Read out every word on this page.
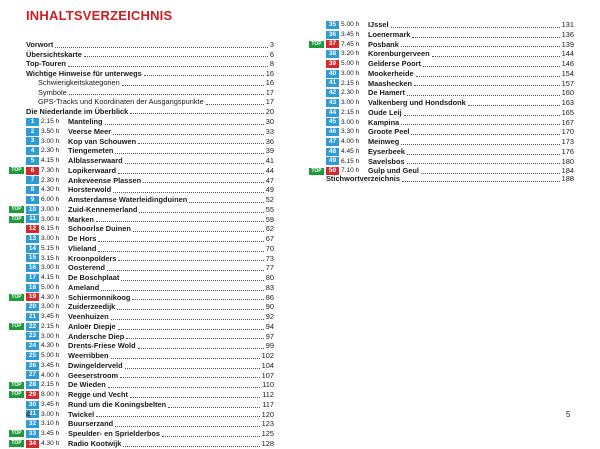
INHALTSVERZEICHNIS
Vorwort	3
Übersichtskarte	6
Top-Touren	8
Wichtige Hinweise für unterwegs	16
Schwierigkeitskategorien	16
Symbole	17
GPS-Tracks und Koordinaten der Ausgangspunkte	17
Die Niederlande im Überblick	20
1	2.15 h	Manteling	30
2	3.50 h	Veerse Meer	33
3	3.00 h	Kop van Schouwen	36
4	2.30 h	Tiengemeten	39
5	4.15 h	Alblasserwaard	41
TOP	6	7.30 h	Lopikerwaard	44
7	2.30 h	Ankeveense Plassen	47
8	4.30 h	Horsterwold	49
9	6.00 h	Amsterdamse Waterleidingduinen	52
TOP	10 3.00 h	Zuid-Kennemerland	55
TOP	11 3.00 h	Marken	59
12 6.15 h	Schoorlse Duinen	62
13 3.00 h	De Hors	67
14 5.15 h	Vlieland	70
15 3.15 h	Kroonpolders	73
16 3.00 h	Oosterend	77
17 4.15 h	De Boschplaat	80
18 5.00 h	Ameland	83
TOP	19 4.30 h	Schiermonnikoog	86
20 3.00 h	Zuiderzeedijk	90
21 3.45 h	Veenhuizen	92
TOP	22 2.15 h	Anloër Diepje	94
23 3.00 h	Andersche Diep	97
24 4.30 h	Drents-Friese Wold	99
25 5.00 h	Weerribben	102
26 3.45 h	Dwingelderveld	104
27 4.00 h	Geeserstroom	107
TOP	28 2.15 h	De Wieden	110
TOP	29 8.00 h	Regge und Vecht	112
30 3.45 h	Rund um die Koningsbelten	117
31 3.00 h	Twickel	120
32 3.10 h	Buurserzand	123
TOP	33 3.45 h	Speulder- en Sprielderbos	125
TOP	34 4.30 h	Radio Kootwijk	128
4
35 5.00 h	IJssel	131
36 3.45 h	Loenermark	136
TOP	37 7.45 h	Posbank	139
38 3.20 h	Korenburgerveen	144
39 5.00 h	Gelderse Poort	146
40 3.00 h	Mookerheide	154
41 2.15 h	Maashecken	157
42 2.30 h	De Hamert	160
43 3.00 h	Valkenberg und Hondsdonk	163
44 2.15 h	Oude Leij	165
45 3.00 h	Kampina	167
46 3.30 h	Groote Peel	170
47 4.00 h	Meinweg	173
48 4.45 h	Eyserbeek	176
49 6.15 h	Savelsbos	180
TOP	50 7.10 h	Gulp und Geul	184
Stichwortverzeichnis	188
5
